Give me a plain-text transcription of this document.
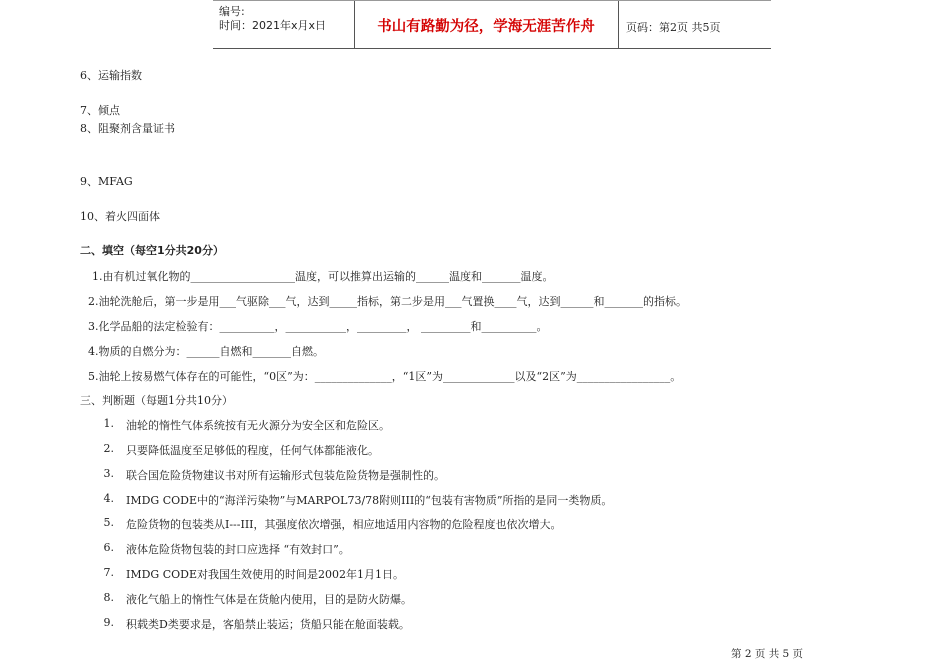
编号:
时间：2021年x月x日	书山有路勤为径，学海无涯苦作舟	页码：第2页 共5页
6、运输指数
7、倾点
8、阻聚剂含量证书
9、MFAG
10、着火四面体
二、填空（每空1分共20分）
1.由有机过氧化物的___________________温度，可以推算出运输的______温度和_______温度。
2.油轮洗舱后，第一步是用___气驱除___气，达到_____指标，第二步是用___气置换____气，达到______和_______的指标。
3.化学品船的法定检验有：__________，___________，_________， _________和__________。
4.物质的自燃分为：______自燃和_______自燃。
5.油轮上按易燃气体存在的可能性，“0区”为：______________，“1区”为_____________以及“2区”为_________________。
三、判断题（每题1分共10分）
1. 油轮的惰性气体系统按有无火源分为安全区和危险区。
2. 只要降低温度至足够低的程度，任何气体都能液化。
3. 联合国危险货物建议书对所有运输形式包装危险货物是强制性的。
4. IMDG CODE中的“海洋污染物”与MARPOL73/78附则III的“包装有害物质”所指的是同一类物质。
5. 危险货物的包装类从I---III，其强度依次增强，相应地适用内容物的危险程度也依次增大。
6. 液体危险货物包装的封口应选择 “有效封口”。
7. IMDG CODE对我国生效使用的时间是2002年1月1日。
8. 液化气船上的惰性气体是在货舱内使用，目的是防火防爆。
9. 积载类D类要求是，客船禁止装运；货船只能在舱面装载。
第 2 页 共 5 页
